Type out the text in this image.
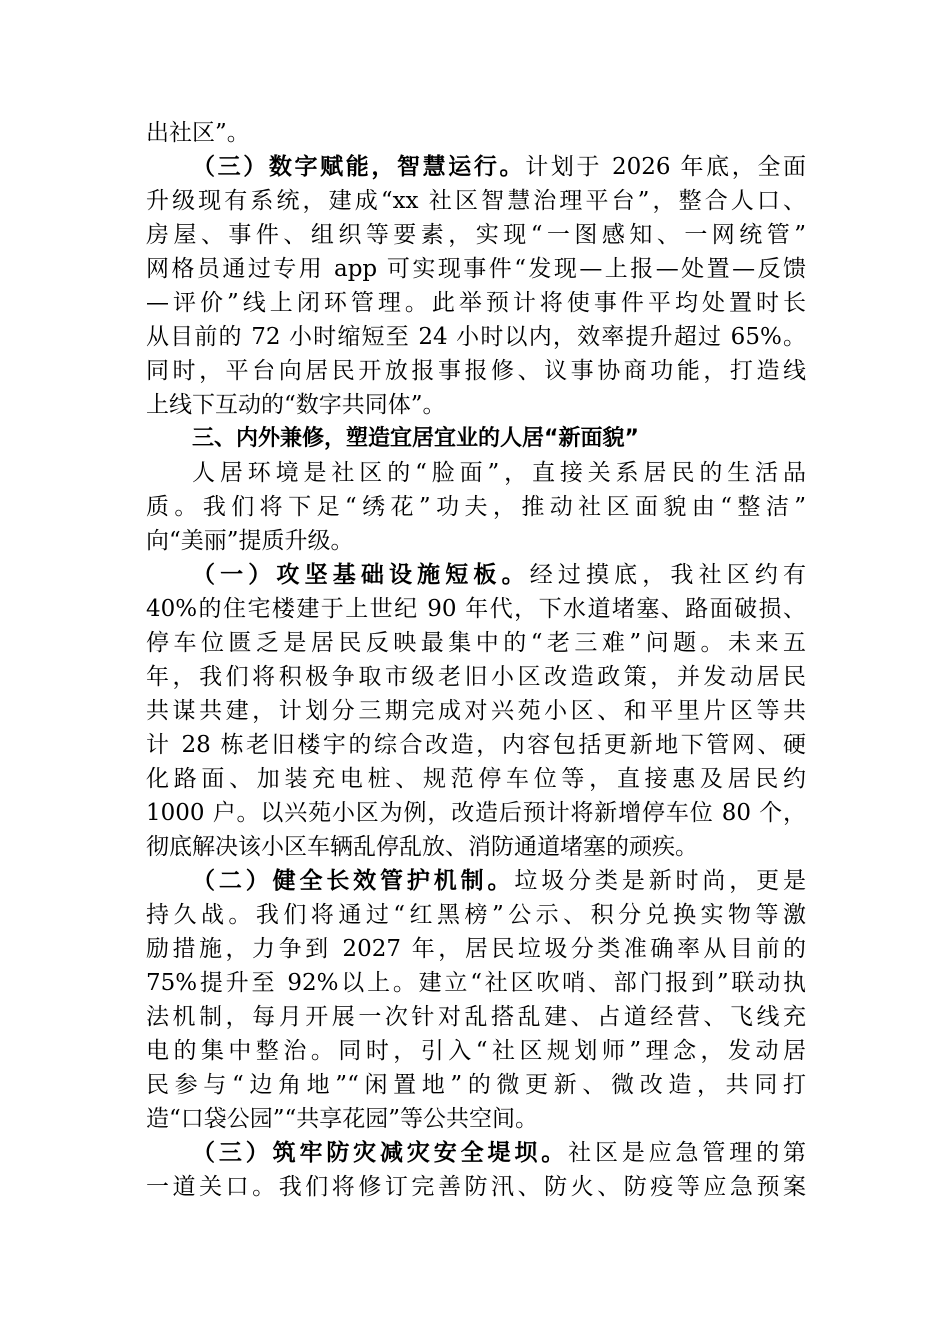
出社区”。
（三）数字赋能，智慧运行。计划于 2026 年底，全面
升级现有系统，建成“xx 社区智慧治理平台”，整合人口、
房屋、事件、组织等要素，实现“一图感知、一网统管”
网格员通过专用 app 可实现事件“发现—上报—处置—反馈
—评价”线上闭环管理。此举预计将使事件平均处置时长
从目前的 72 小时缩短至 24 小时以内，效率提升超过 65%。
同时，平台向居民开放报事报修、议事协商功能，打造线
上线下互动的“数字共同体”。
三、内外兼修，塑造宜居宜业的人居“新面貌”
人居环境是社区的“脸面”，直接关系居民的生活品
质。我们将下足“绣花”功夫，推动社区面貌由“整洁”
向“美丽”提质升级。
（一）攻坚基础设施短板。经过摸底，我社区约有
40%的住宅楼建于上世纪 90 年代，下水道堵塞、路面破损、
停车位匮乏是居民反映最集中的“老三难”问题。未来五
年，我们将积极争取市级老旧小区改造政策，并发动居民
共谋共建，计划分三期完成对兴苑小区、和平里片区等共
计 28 栋老旧楼宇的综合改造，内容包括更新地下管网、硬
化路面、加装充电桩、规范停车位等，直接惠及居民约
1000 户。以兴苑小区为例，改造后预计将新增停车位 80 个，
彻底解决该小区车辆乱停乱放、消防通道堵塞的顽疾。
（二）健全长效管护机制。垃圾分类是新时尚，更是
持久战。我们将通过“红黑榜”公示、积分兑换实物等激
励措施，力争到 2027 年，居民垃圾分类准确率从目前的
75%提升至 92%以上。建立“社区吹哨、部门报到”联动执
法机制，每月开展一次针对乱搭乱建、占道经营、飞线充
电的集中整治。同时，引入“社区规划师”理念，发动居
民参与“边角地”“闲置地”的微更新、微改造，共同打
造“口袋公园”“共享花园”等公共空间。
（三）筑牢防灾减灾安全堤坝。社区是应急管理的第
一道关口。我们将修订完善防汛、防火、防疫等应急预案
